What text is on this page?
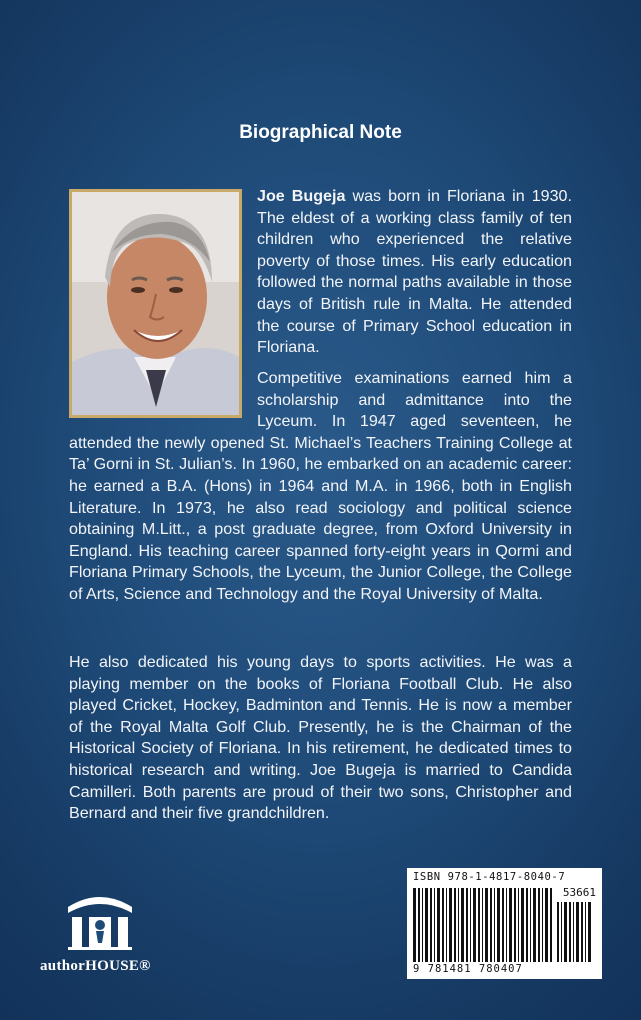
Biographical Note

Joe Bugeja was born in Floriana in 1930. The eldest of a working class family of ten children who experienced the relative poverty of those times. His early education followed the normal paths available in those days of British rule in Malta. He attended the course of Primary School education in Floriana.

Competitive examinations earned him a scholarship and admittance into the Lyceum. In 1947 aged seventeen, he attended the newly opened St. Michael’s Teachers Training College at Ta’ Gorni in St. Julian’s. In 1960, he embarked on an academic career: he earned a B.A. (Hons) in 1964 and M.A. in 1966, both in English Literature. In 1973, he also read sociology and political science obtaining M.Litt., a post graduate degree, from Oxford University in England. His teaching career spanned forty-eight years in Qormi and Floriana Primary Schools, the Lyceum, the Junior College, the College of Arts, Science and Technology and the Royal University of Malta.

He also dedicated his young days to sports activities. He was a playing member on the books of Floriana Football Club. He also played Cricket, Hockey, Badminton and Tennis. He is now a member of the Royal Malta Golf Club. Presently, he is the Chairman of the Historical Society of Floriana. In his retirement, he dedicated times to historical research and writing. Joe Bugeja is married to Candida Camilleri. Both parents are proud of their two sons, Christopher and Bernard and their five grandchildren.

authorHOUSE®
ISBN 978-1-4817-8040-7
53661
9 781481 780407
